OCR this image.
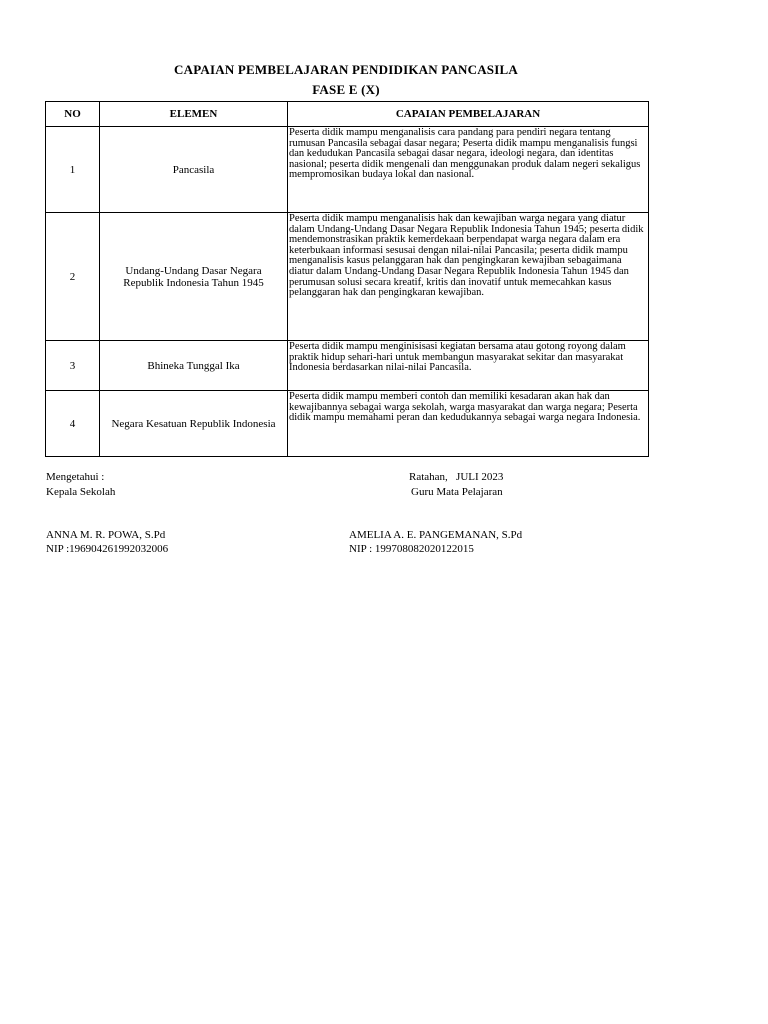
CAPAIAN PEMBELAJARAN PENDIDIKAN PANCASILA
FASE E (X)
NO	ELEMEN	CAPAIAN PEMBELAJARAN
1	Pancasila	Peserta didik mampu menganalisis cara pandang para pendiri negara tentang rumusan Pancasila sebagai dasar negara; Peserta didik mampu menganalisis fungsi dan kedudukan Pancasila sebagai dasar negara, ideologi negara, dan identitas nasional; peserta didik mengenali dan menggunakan produk dalam negeri sekaligus mempromosikan budaya lokal dan nasional.
2	Undang-Undang Dasar Negara Republik Indonesia Tahun 1945	Peserta didik mampu menganalisis hak dan kewajiban warga negara yang diatur dalam Undang-Undang Dasar Negara Republik Indonesia Tahun 1945; peserta didik mendemonstrasikan praktik kemerdekaan berpendapat warga negara dalam era keterbukaan informasi sesusai dengan nilai-nilai Pancasila; peserta didik mampu menganalisis kasus pelanggaran hak dan pengingkaran kewajiban sebagaimana diatur dalam Undang-Undang Dasar Negara Republik Indonesia Tahun 1945 dan perumusan solusi secara kreatif, kritis dan inovatif untuk memecahkan kasus pelanggaran hak dan pengingkaran kewajiban.
3	Bhineka Tunggal Ika	Peserta didik mampu menginisisasi kegiatan bersama atau gotong royong dalam praktik hidup sehari-hari untuk membangun masyarakat sekitar dan masyarakat Indonesia berdasarkan nilai-nilai Pancasila.
4	Negara Kesatuan Republik Indonesia	Peserta didik mampu memberi contoh dan memiliki kesadaran akan hak dan kewajibannya sebagai warga sekolah, warga masyarakat dan warga negara; Peserta didik mampu memahami peran dan kedudukannya sebagai warga negara Indonesia.
Mengetahui :
Kepala Sekolah
ANNA M. R. POWA, S.Pd
NIP :196904261992032006
Ratahan,   JULI 2023
Guru Mata Pelajaran
AMELIA A. E. PANGEMANAN, S.Pd
NIP : 199708082020122015
